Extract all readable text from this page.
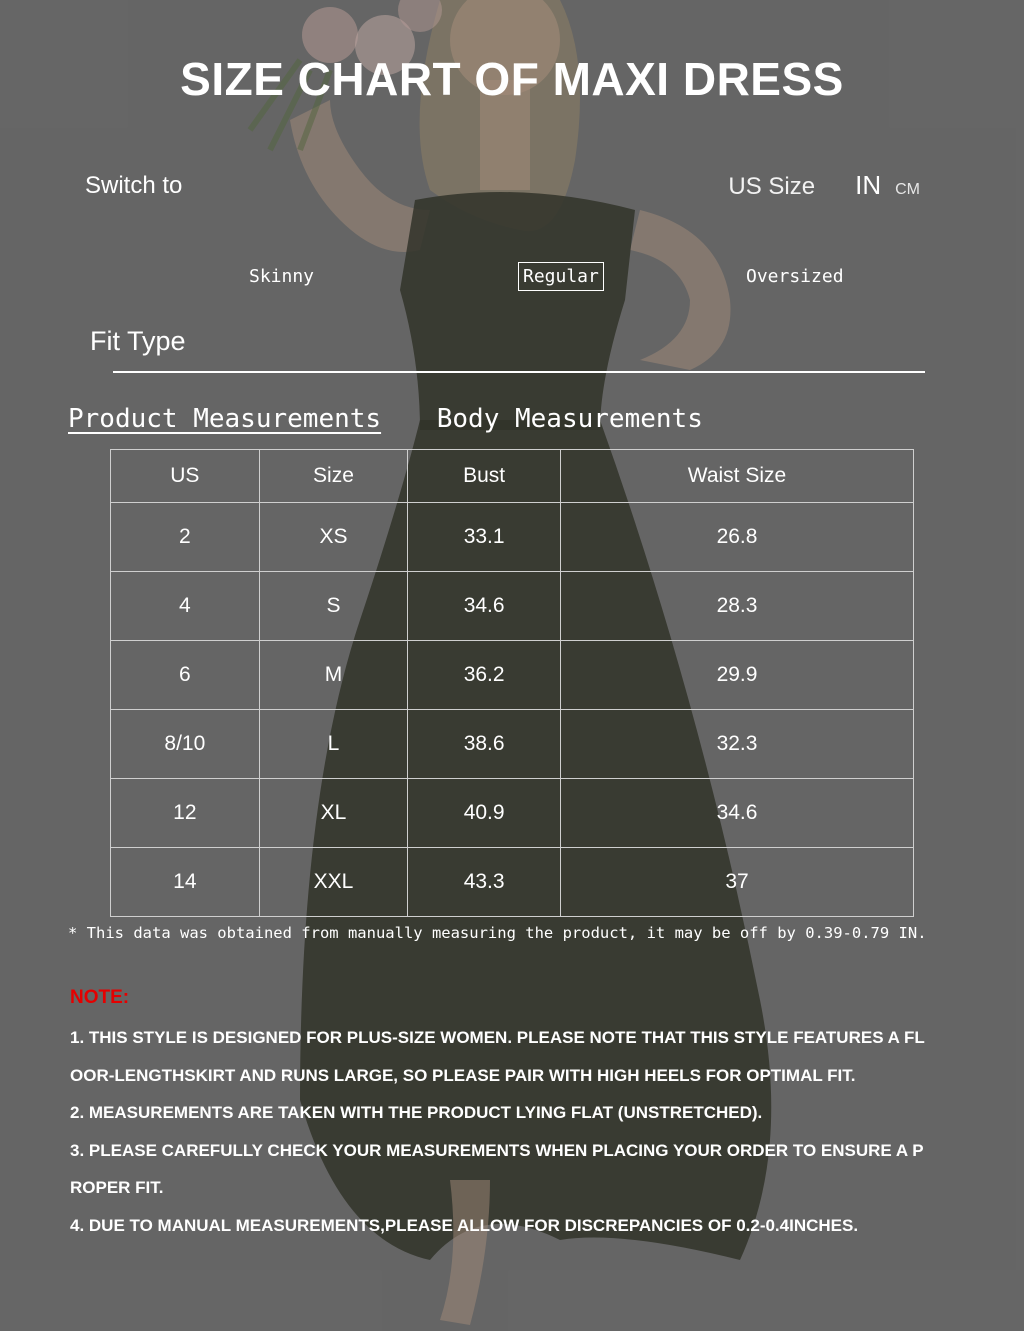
SIZE CHART OF MAXI DRESS
Switch to	US Size IN CM
Skinny	Regular	Oversized
Fit Type
Product Measurements Body Measurements
US	Size	Bust	Waist Size
2	XS	33.1	26.8
4	S	34.6	28.3
6	M	36.2	29.9
8/10	L	38.6	32.3
12	XL	40.9	34.6
14	XXL	43.3	37
* This data was obtained from manually measuring the product, it may be off by 0.39-0.79 IN.
NOTE:

1. THIS STYLE IS DESIGNED FOR PLUS-SIZE WOMEN. PLEASE NOTE THAT THIS STYLE FEATURES A FLOOR-LENGTHSKIRT AND RUNS LARGE, SO PLEASE PAIR WITH HIGH HEELS FOR OPTIMAL FIT.

2. MEASUREMENTS ARE TAKEN WITH THE PRODUCT LYING FLAT (UNSTRETCHED).

3. PLEASE CAREFULLY CHECK YOUR MEASUREMENTS WHEN PLACING YOUR ORDER TO ENSURE A PROPER FIT.

4. DUE TO MANUAL MEASUREMENTS,PLEASE ALLOW FOR DISCREPANCIES OF 0.2-0.4INCHES.
